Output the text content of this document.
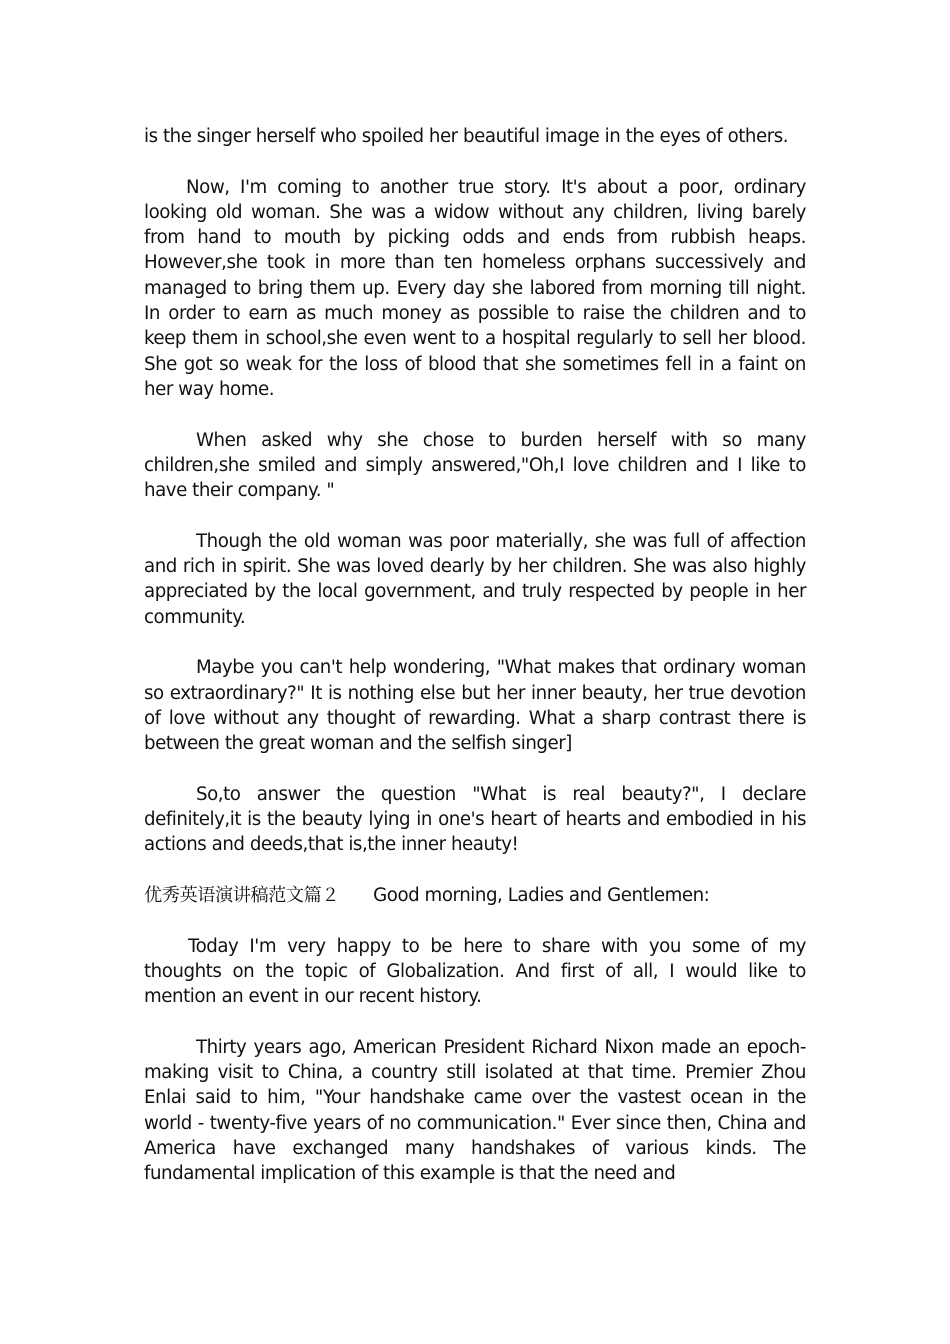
is the singer herself who spoiled her beautiful image in the eyes of others.

Now, I'm coming to another true story. It's about a poor, ordinary looking old woman. She was a widow without any children, living barely from hand to mouth by picking odds and ends from rubbish heaps. However,she took in more than ten homeless orphans successively and managed to bring them up. Every day she labored from morning till night. In order to earn as much money as possible to raise the children and to keep them in school,she even went to a hospital regularly to sell her blood. She got so weak for the loss of blood that she sometimes fell in a faint on her way home.

When asked why she chose to burden herself with so many children,she smiled and simply answered,"Oh,I love children and I like to have their company. "

Though the old woman was poor materially, she was full of affection and rich in spirit. She was loved dearly by her children. She was also highly appreciated by the local government, and truly respected by people in her community.

Maybe you can't help wondering, "What makes that ordinary woman so extraordinary?" It is nothing else but her inner beauty, her true devotion of love without any thought of rewarding. What a sharp contrast there is between the great woman and the selfish singer]

So,to answer the question "What is real beauty?", I declare definitely,it is the beauty lying in one's heart of hearts and embodied in his actions and deeds,that is,the inner heauty!

优秀英语演讲稿范文篇２ Good morning, Ladies and Gentlemen:

Today I'm very happy to be here to share with you some of my thoughts on the topic of Globalization. And first of all, I would like to mention an event in our recent history.

Thirty years ago, American President Richard Nixon made an epoch-making visit to China, a country still isolated at that time. Premier Zhou Enlai said to him, "Your handshake came over the vastest ocean in the world - twenty-five years of no communication." Ever since then, China and America have exchanged many handshakes of various kinds. The fundamental implication of this example is that the need and
